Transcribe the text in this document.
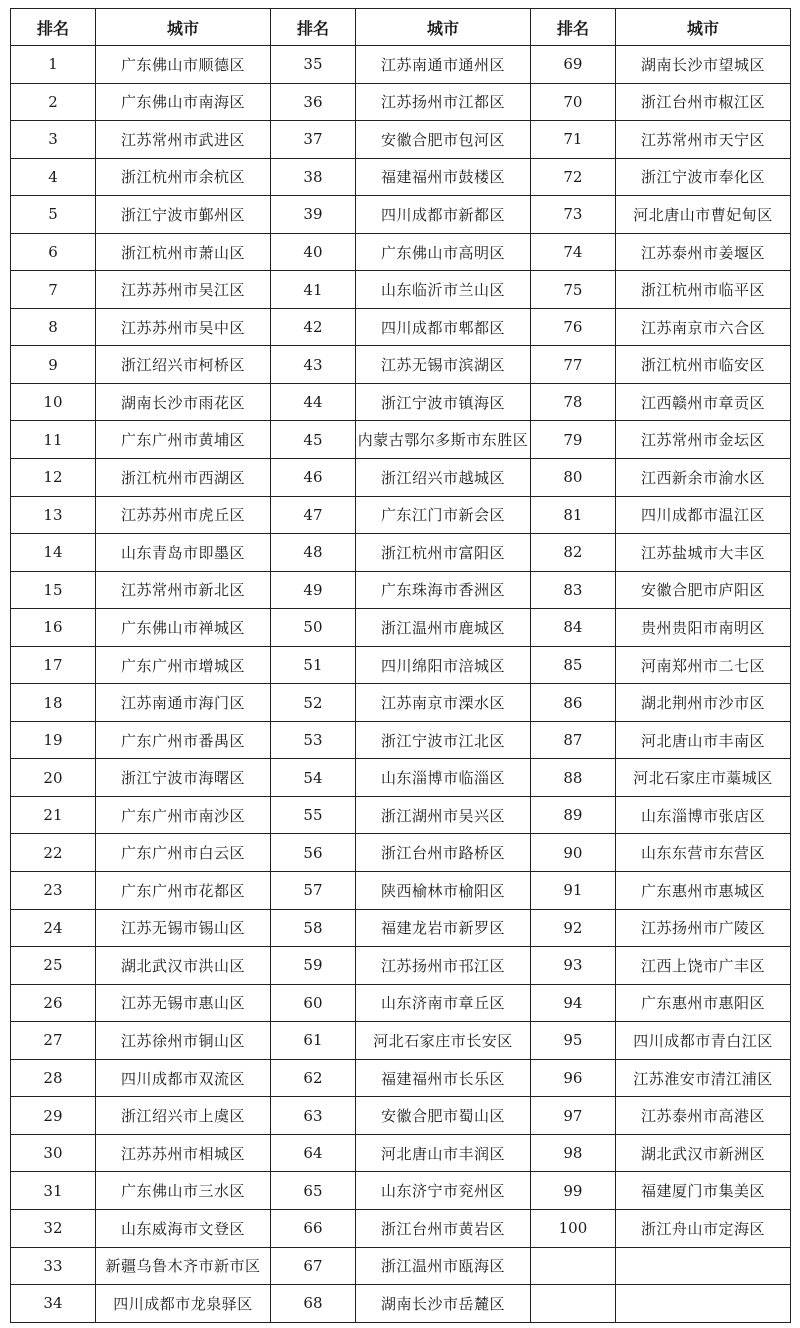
排名	城市	排名	城市	排名	城市
1	广东佛山市顺德区	35	江苏南通市通州区	69	湖南长沙市望城区
2	广东佛山市南海区	36	江苏扬州市江都区	70	浙江台州市椒江区
3	江苏常州市武进区	37	安徽合肥市包河区	71	江苏常州市天宁区
4	浙江杭州市余杭区	38	福建福州市鼓楼区	72	浙江宁波市奉化区
5	浙江宁波市鄞州区	39	四川成都市新都区	73	河北唐山市曹妃甸区
6	浙江杭州市萧山区	40	广东佛山市高明区	74	江苏泰州市姜堰区
7	江苏苏州市吴江区	41	山东临沂市兰山区	75	浙江杭州市临平区
8	江苏苏州市吴中区	42	四川成都市郫都区	76	江苏南京市六合区
9	浙江绍兴市柯桥区	43	江苏无锡市滨湖区	77	浙江杭州市临安区
10	湖南长沙市雨花区	44	浙江宁波市镇海区	78	江西赣州市章贡区
11	广东广州市黄埔区	45	内蒙古鄂尔多斯市东胜区	79	江苏常州市金坛区
12	浙江杭州市西湖区	46	浙江绍兴市越城区	80	江西新余市渝水区
13	江苏苏州市虎丘区	47	广东江门市新会区	81	四川成都市温江区
14	山东青岛市即墨区	48	浙江杭州市富阳区	82	江苏盐城市大丰区
15	江苏常州市新北区	49	广东珠海市香洲区	83	安徽合肥市庐阳区
16	广东佛山市禅城区	50	浙江温州市鹿城区	84	贵州贵阳市南明区
17	广东广州市增城区	51	四川绵阳市涪城区	85	河南郑州市二七区
18	江苏南通市海门区	52	江苏南京市溧水区	86	湖北荆州市沙市区
19	广东广州市番禺区	53	浙江宁波市江北区	87	河北唐山市丰南区
20	浙江宁波市海曙区	54	山东淄博市临淄区	88	河北石家庄市藁城区
21	广东广州市南沙区	55	浙江湖州市吴兴区	89	山东淄博市张店区
22	广东广州市白云区	56	浙江台州市路桥区	90	山东东营市东营区
23	广东广州市花都区	57	陕西榆林市榆阳区	91	广东惠州市惠城区
24	江苏无锡市锡山区	58	福建龙岩市新罗区	92	江苏扬州市广陵区
25	湖北武汉市洪山区	59	江苏扬州市邗江区	93	江西上饶市广丰区
26	江苏无锡市惠山区	60	山东济南市章丘区	94	广东惠州市惠阳区
27	江苏徐州市铜山区	61	河北石家庄市长安区	95	四川成都市青白江区
28	四川成都市双流区	62	福建福州市长乐区	96	江苏淮安市清江浦区
29	浙江绍兴市上虞区	63	安徽合肥市蜀山区	97	江苏泰州市高港区
30	江苏苏州市相城区	64	河北唐山市丰润区	98	湖北武汉市新洲区
31	广东佛山市三水区	65	山东济宁市兖州区	99	福建厦门市集美区
32	山东威海市文登区	66	浙江台州市黄岩区	100	浙江舟山市定海区
33	新疆乌鲁木齐市新市区	67	浙江温州市瓯海区		
34	四川成都市龙泉驿区	68	湖南长沙市岳麓区		
